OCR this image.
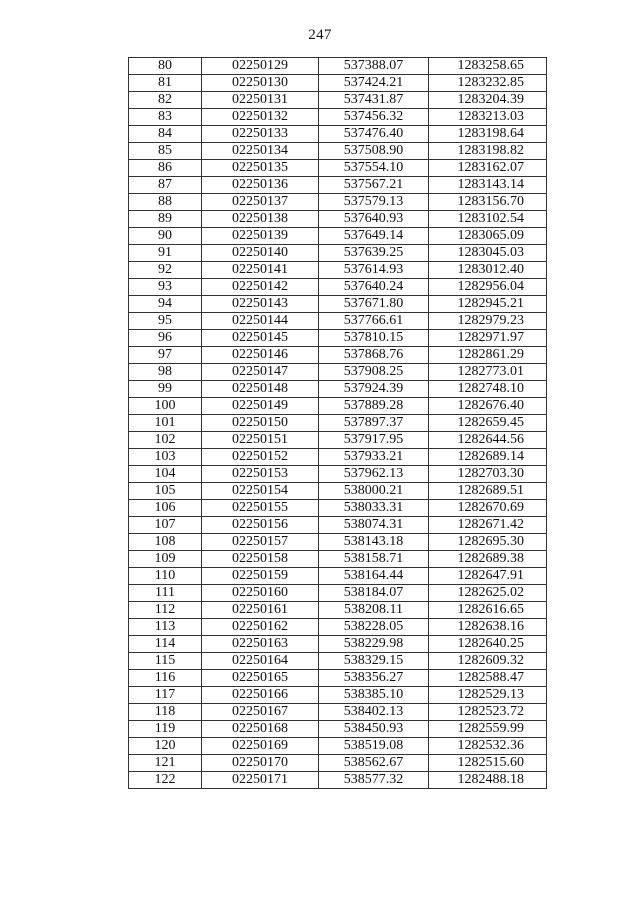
247
80	02250129	537388.07	1283258.65
81	02250130	537424.21	1283232.85
82	02250131	537431.87	1283204.39
83	02250132	537456.32	1283213.03
84	02250133	537476.40	1283198.64
85	02250134	537508.90	1283198.82
86	02250135	537554.10	1283162.07
87	02250136	537567.21	1283143.14
88	02250137	537579.13	1283156.70
89	02250138	537640.93	1283102.54
90	02250139	537649.14	1283065.09
91	02250140	537639.25	1283045.03
92	02250141	537614.93	1283012.40
93	02250142	537640.24	1282956.04
94	02250143	537671.80	1282945.21
95	02250144	537766.61	1282979.23
96	02250145	537810.15	1282971.97
97	02250146	537868.76	1282861.29
98	02250147	537908.25	1282773.01
99	02250148	537924.39	1282748.10
100	02250149	537889.28	1282676.40
101	02250150	537897.37	1282659.45
102	02250151	537917.95	1282644.56
103	02250152	537933.21	1282689.14
104	02250153	537962.13	1282703.30
105	02250154	538000.21	1282689.51
106	02250155	538033.31	1282670.69
107	02250156	538074.31	1282671.42
108	02250157	538143.18	1282695.30
109	02250158	538158.71	1282689.38
110	02250159	538164.44	1282647.91
111	02250160	538184.07	1282625.02
112	02250161	538208.11	1282616.65
113	02250162	538228.05	1282638.16
114	02250163	538229.98	1282640.25
115	02250164	538329.15	1282609.32
116	02250165	538356.27	1282588.47
117	02250166	538385.10	1282529.13
118	02250167	538402.13	1282523.72
119	02250168	538450.93	1282559.99
120	02250169	538519.08	1282532.36
121	02250170	538562.67	1282515.60
122	02250171	538577.32	1282488.18
